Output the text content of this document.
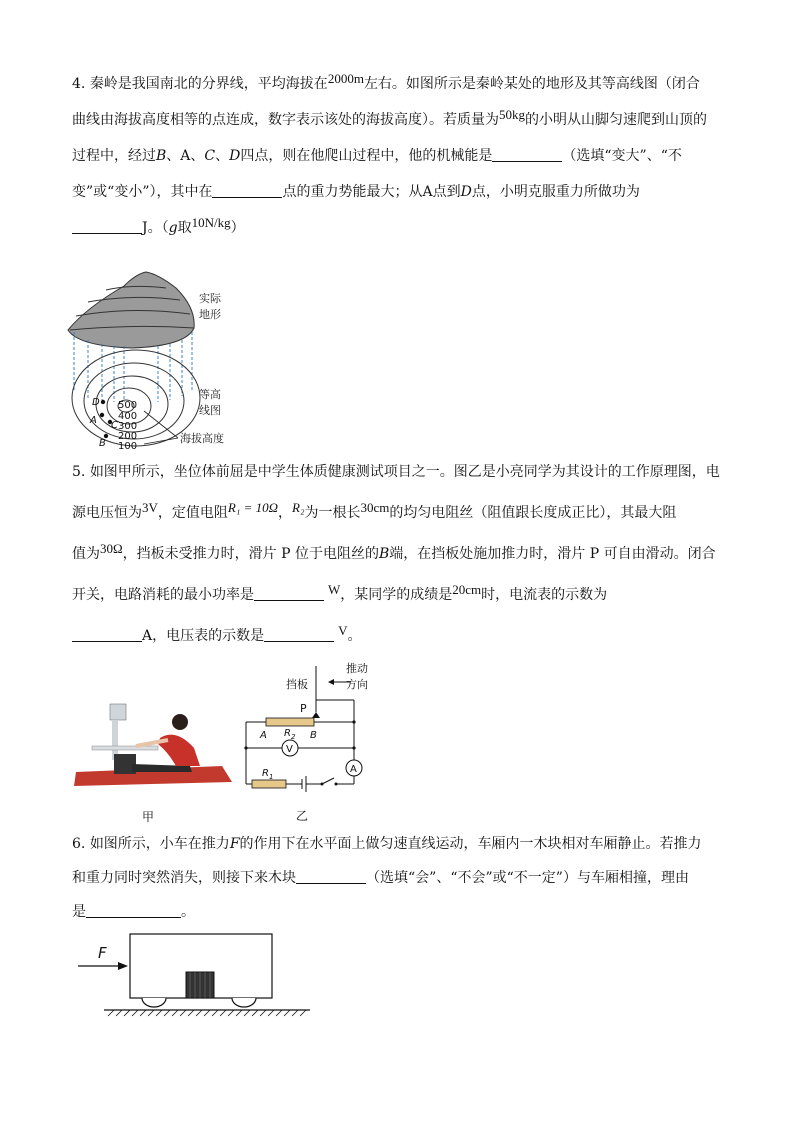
4. 秦岭是我国南北的分界线，平均海拔在2000m左右。如图所示是秦岭某处的地形及其等高线图（闭合
曲线由海拔高度相等的点连成，数字表示该处的海拔高度）。若质量为50kg的小明从山脚匀速爬到山顶的
过程中，经过B、A、C、D四点，则在他爬山过程中，他的机械能是	（选填“变大”、“不
变”或“变小”），其中在	点的重力势能最大；从A点到D点，小明克服重力所做功为
J。（g取10N/kg）
实际
地形
等高
线图
500
400
300
200
100
D
A C
B	海拔高度
5. 如图甲所示，坐位体前屈是中学生体质健康测试项目之一。图乙是小亮同学为其设计的工作原理图，电
源电压恒为3V，定值电阻R₁ = 10Ω，R₂为一根长30cm的均匀电阻丝（阻值跟长度成正比），其最大阻
值为30Ω，挡板未受推力时，滑片 P 位于电阻丝的B端，在挡板处施加推力时，滑片 P 可自由滑动。闭合
开关，电路消耗的最小功率是	W，某同学的成绩是20cm时，电流表的示数为
A，电压表的示数是	V。
甲
挡板
推动
方向
P
A $R_2$ B
V
$R_1$
A
乙
6. 如图所示，小车在推力F的作用下在水平面上做匀速直线运动，车厢内一木块相对车厢静止。若推力
和重力同时突然消失，则接下来木块	（选填“会”、“不会”或“不一定”）与车厢相撞，理由
是	。
F
